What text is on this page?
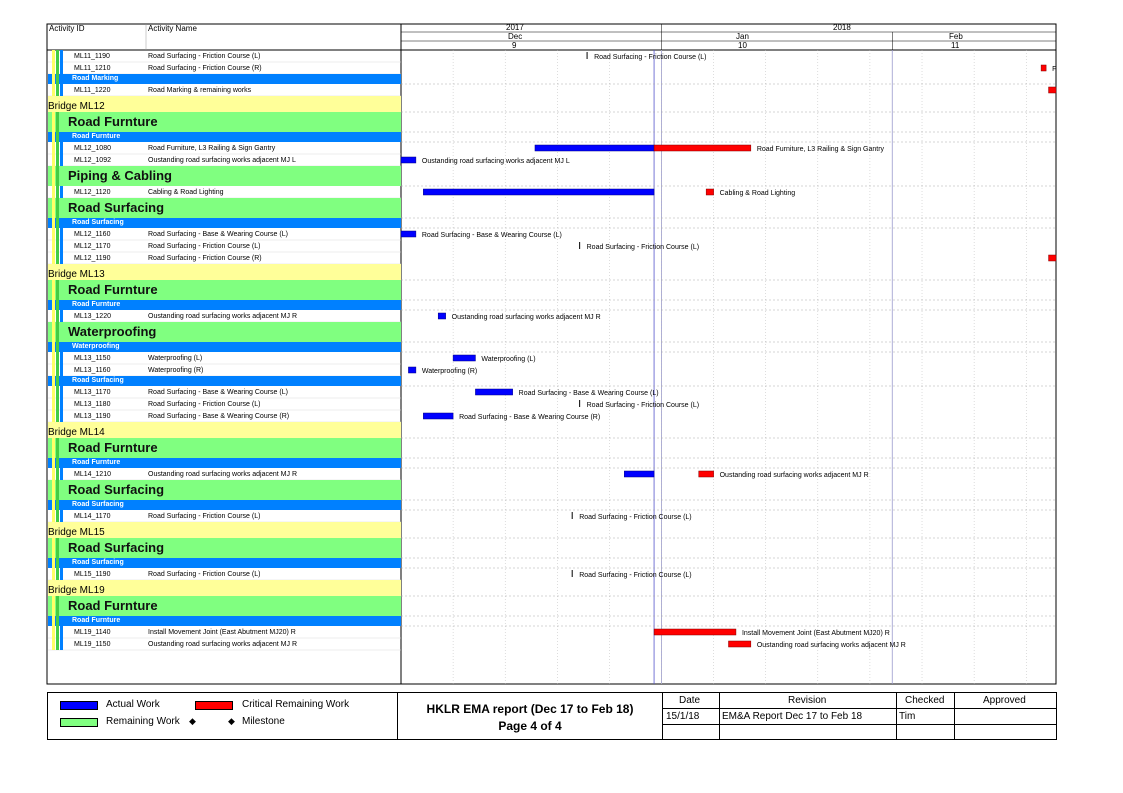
Road Surfacing - Friction Course (L)
F
Road Furniture, L3 Railing & Sign Gantry
Oustanding road surfacing works adjacent MJ L
Cabling & Road Lighting
Road Surfacing - Base & Wearing Course (L)
Road Surfacing - Friction Course (L)
Oustanding road surfacing works adjacent MJ R
Waterproofing (L)
Waterproofing (R)
Road Surfacing - Base & Wearing Course (L)
Road Surfacing - Friction Course (L)
Road Surfacing - Base & Wearing Course (R)
Oustanding road surfacing works adjacent MJ R
Road Surfacing - Friction Course (L)
Road Surfacing - Friction Course (L)
Install Movement Joint (East Abutment MJ20) R
Oustanding road surfacing works adjacent MJ R
Activity ID	Activity Name	2017	2018
Dec	Jan	Feb
9	10	11
ML11_1190	Road Surfacing - Friction Course (L)
ML11_1210	Road Surfacing - Friction Course (R)
Road Marking
ML11_1220	Road Marking & remaining works
Bridge ML12
Road Furnture
Road Furnture
ML12_1080	Road Furniture, L3 Railing & Sign Gantry
ML12_1092	Oustanding road surfacing works adjacent MJ L
Piping & Cabling
ML12_1120	Cabling & Road Lighting
Road Surfacing
Road Surfacing
ML12_1160	Road Surfacing - Base & Wearing Course (L)
ML12_1170	Road Surfacing - Friction Course (L)
ML12_1190	Road Surfacing - Friction Course (R)
Bridge ML13
Road Furnture
Road Furnture
ML13_1220	Oustanding road surfacing works adjacent MJ R
Waterproofing
Waterproofing
ML13_1150	Waterproofing (L)
ML13_1160	Waterproofing (R)
Road Surfacing
ML13_1170	Road Surfacing - Base & Wearing Course (L)
ML13_1180	Road Surfacing - Friction Course (L)
ML13_1190	Road Surfacing - Base & Wearing Course (R)
Bridge ML14
Road Furnture
Road Furnture
ML14_1210	Oustanding road surfacing works adjacent MJ R
Road Surfacing
Road Surfacing
ML14_1170	Road Surfacing - Friction Course (L)
Bridge ML15
Road Surfacing
Road Surfacing
ML15_1190	Road Surfacing - Friction Course (L)
Bridge ML19
Road Furnture
Road Furnture
ML19_1140	Install Movement Joint (East Abutment MJ20) R
ML19_1150	Oustanding road surfacing works adjacent MJ R
Actual Work	Critical Remaining Work
Remaining Work ◆	◆ Milestone
HKLR EMA report (Dec 17 to Feb 18)
Page 4 of 4
Date	Revision	Checked	Approved
15/1/18 EM&A Report Dec 17 to Feb 18	Tim
